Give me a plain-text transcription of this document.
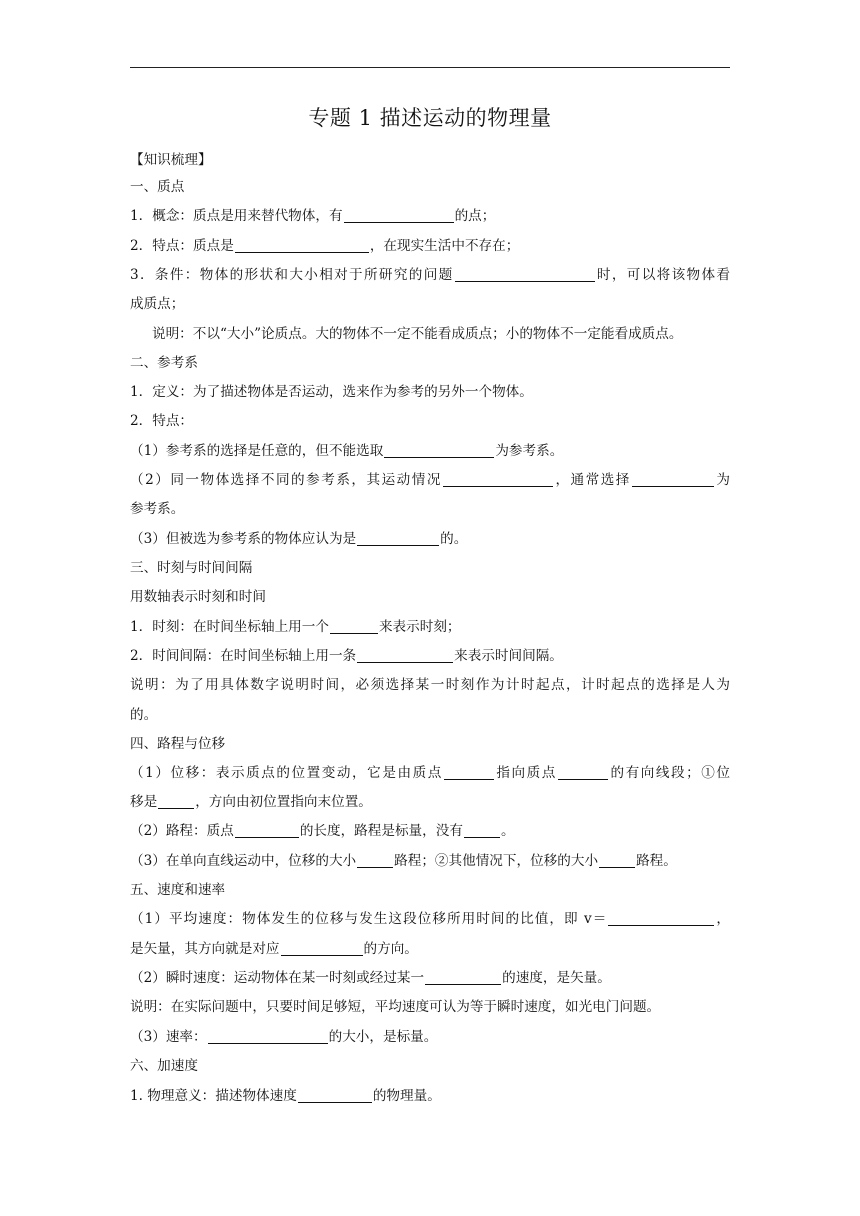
专题 1 描述运动的物理量
【知识梳理】
一、质点
1．概念：质点是用来替代物体，有	的点；
2．特点：质点是	，在现实生活中不存在；
3．条件：物体的形状和大小相对于所研究的问题	时，可以将该物体看
成质点；
说明：不以“大小”论质点。大的物体不一定不能看成质点；小的物体不一定能看成质点。
二、参考系
1．定义：为了描述物体是否运动，选来作为参考的另外一个物体。
2．特点：
（1）参考系的选择是任意的，但不能选取	为参考系。
（2）同一物体选择不同的参考系，其运动情况	，通常选择	为
参考系。
（3）但被选为参考系的物体应认为是	的。
三、时刻与时间间隔
用数轴表示时刻和时间
1．时刻：在时间坐标轴上用一个	来表示时刻；
2．时间间隔：在时间坐标轴上用一条	来表示时间间隔。
说明：为了用具体数字说明时间，必须选择某一时刻作为计时起点，计时起点的选择是人为
的。
四、路程与位移
（1）位移：表示质点的位置变动，它是由质点	指向质点	的有向线段；①位
移是	，方向由初位置指向末位置。
（2）路程：质点	的长度，路程是标量，没有	。
（3）在单向直线运动中，位移的大小	路程；②其他情况下，位移的大小	路程。
五、速度和速率
（1）平均速度：物体发生的位移与发生这段位移所用时间的比值，即 v＝	，
是矢量，其方向就是对应	的方向。
（2）瞬时速度：运动物体在某一时刻或经过某一	的速度，是矢量。
说明：在实际问题中，只要时间足够短，平均速度可认为等于瞬时速度，如光电门问题。
（3）速率：	的大小，是标量。
六、加速度
1. 物理意义：描述物体速度	的物理量。
